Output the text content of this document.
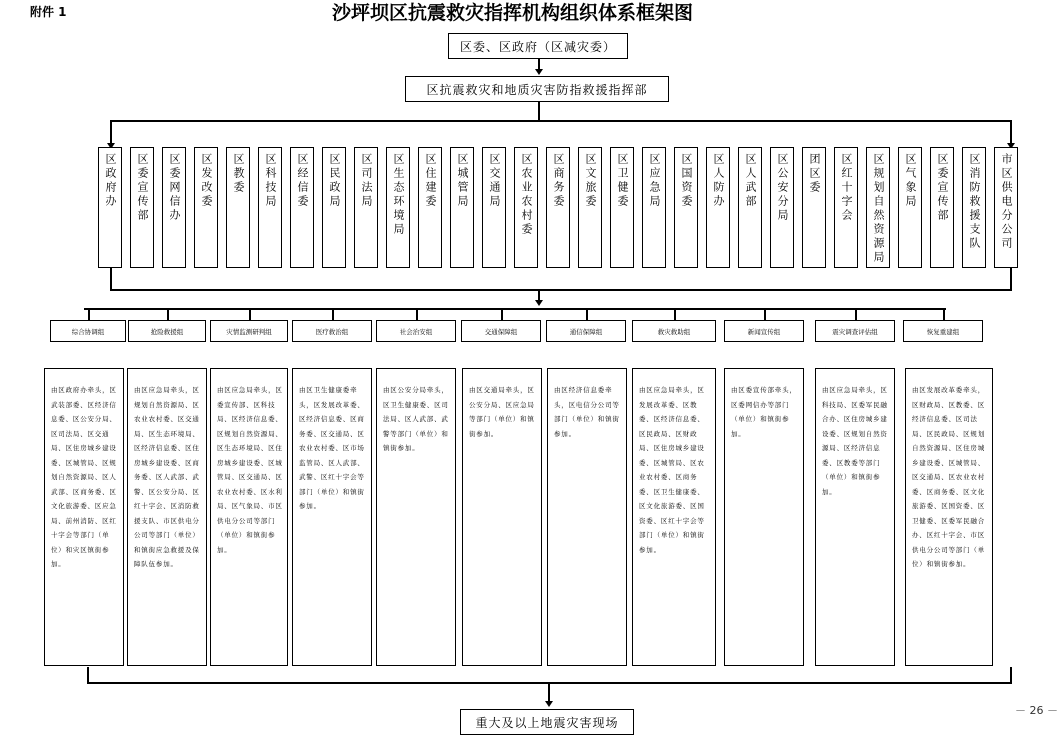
附件 1	沙坪坝区抗震救灾指挥机构组织体系框架图
区委、区政府（区减灾委）
区抗震救灾和地质灾害防指救援指挥部
区政府办 区委宣传部 区委网信办 区发改委 区教委 区科技局 区经信委 区民政局 区司法局 区生态环境局 区住建委 区城管局 区交通局 区农业农村委 区商务委 区文旅委 区卫健委 区应急局 区国资委 区人防办 区人武部 区公安分局 团区委 区红十字会 区规划自然资源局 区气象局 区委宣传部 区消防救援支队 市区供电分公司
综合协调组	抢险救援组	灾情监测研判组	医疗救治组	社会治安组	交通保障组	通信保障组	救灾救助组	新闻宣传组	震灾调查评估组	恢复重建组
由区政府办牵头，区武装部委、区经济信息委、区公安分局、区司法局、区交通局、区住房城乡建设委、区城管局、区规划自然资源局、区人武部、区商务委、区文化旅游委、区应急局、前州消防、区红十字会等部门（单位）和灾区镇街参加。
由区应急局牵头，区规划自然资源局、区农业农村委、区交通局、区生态环境局、区经济信息委、区住房城乡建设委、区商务委、区人武部、武警、区公安分局、区红十字会、区消防救援支队、市区供电分公司等部门（单位）和镇街应急救援及保障队伍参加。
由区应急局牵头，区委宣传部、区科技局、区经济信息委、区规划自然资源局、区生态环境局、区住房城乡建设委、区城管局、区交通局、区农业农村委、区水利局、区气象局、市区供电分公司等部门（单位）和镇街参加。
由区卫生健康委牵头，区发展改革委、区经济信息委、区商务委、区交通局、区农业农村委、区市场监管局、区人武部、武警、区红十字会等部门（单位）和镇街参加。
由区公安分局牵头，区卫生健康委、区司法局、区人武部、武警等部门（单位）和镇街参加。
由区交通局牵头，区公安分局、区应急局等部门（单位）和镇街参加。
由区经济信息委牵头，区电信分公司等部门（单位）和镇街参加。
由区应急局牵头，区发展改革委、区教委、区经济信息委、区民政局、区财政局、区住房城乡建设委、区城管局、区农业农村委、区商务委、区卫生健康委、区文化旅游委、区国资委、区红十字会等部门（单位）和镇街参加。
由区委宣传部牵头，区委网信办等部门（单位）和镇街参加。
由区应急局牵头，区科技局、区委军民融合办、区住房城乡建设委、区规划自然资源局、区经济信息委、区教委等部门（单位）和镇街参加。
由区发展改革委牵头，区财政局、区教委、区经济信息委、区司法局、区民政局、区规划自然资源局、区住房城乡建设委、区城管局、区交通局、区农业农村委、区商务委、区文化旅游委、区国资委、区卫健委、区委军民融合办、区红十字会、市区供电分公司等部门（单位）和镇街参加。
重大及以上地震灾害现场
－ 26 －
